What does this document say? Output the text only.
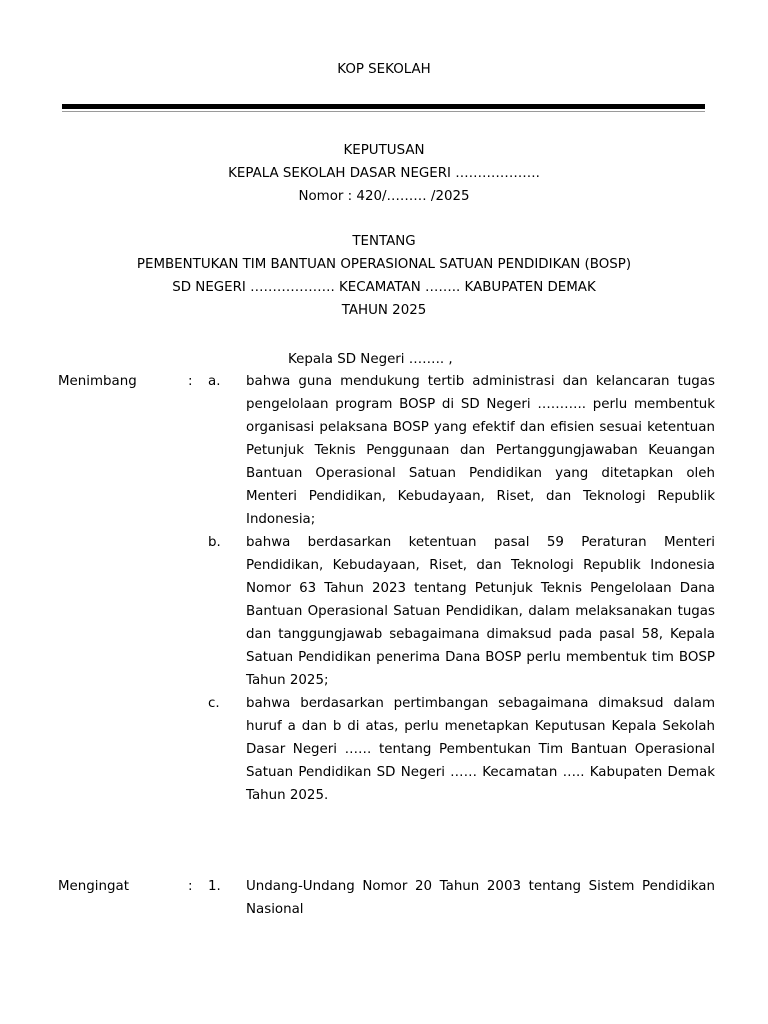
KOP SEKOLAH
KEPUTUSAN
KEPALA SEKOLAH DASAR NEGERI ……………….
Nomor : 420/……… /2025
TENTANG
PEMBENTUKAN TIM BANTUAN OPERASIONAL SATUAN PENDIDIKAN (BOSP)
SD NEGERI ………………. KECAMATAN …….. KABUPATEN DEMAK
TAHUN 2025
Kepala SD Negeri …….. ,
Menimbang	: a. bahwa guna mendukung tertib administrasi dan kelancaran tugas pengelolaan program BOSP di SD Negeri ……….. perlu membentuk organisasi pelaksana BOSP yang efektif dan efisien sesuai ketentuan Petunjuk Teknis Penggunaan dan Pertanggungjawaban Keuangan Bantuan Operasional Satuan Pendidikan yang ditetapkan oleh Menteri Pendidikan, Kebudayaan, Riset, dan Teknologi Republik Indonesia;
b. bahwa berdasarkan ketentuan pasal 59 Peraturan Menteri Pendidikan, Kebudayaan, Riset, dan Teknologi Republik Indonesia Nomor 63 Tahun 2023 tentang Petunjuk Teknis Pengelolaan Dana Bantuan Operasional Satuan Pendidikan, dalam melaksanakan tugas dan tanggungjawab sebagaimana dimaksud pada pasal 58, Kepala Satuan Pendidikan penerima Dana BOSP perlu membentuk tim BOSP Tahun 2025;
c. bahwa berdasarkan pertimbangan sebagaimana dimaksud dalam huruf a dan b di atas, perlu menetapkan Keputusan Kepala Sekolah Dasar Negeri …… tentang Pembentukan Tim Bantuan Operasional Satuan Pendidikan SD Negeri …… Kecamatan ….. Kabupaten Demak Tahun 2025.
Mengingat	: 1. Undang-Undang Nomor 20 Tahun 2003 tentang Sistem Pendidikan Nasional
